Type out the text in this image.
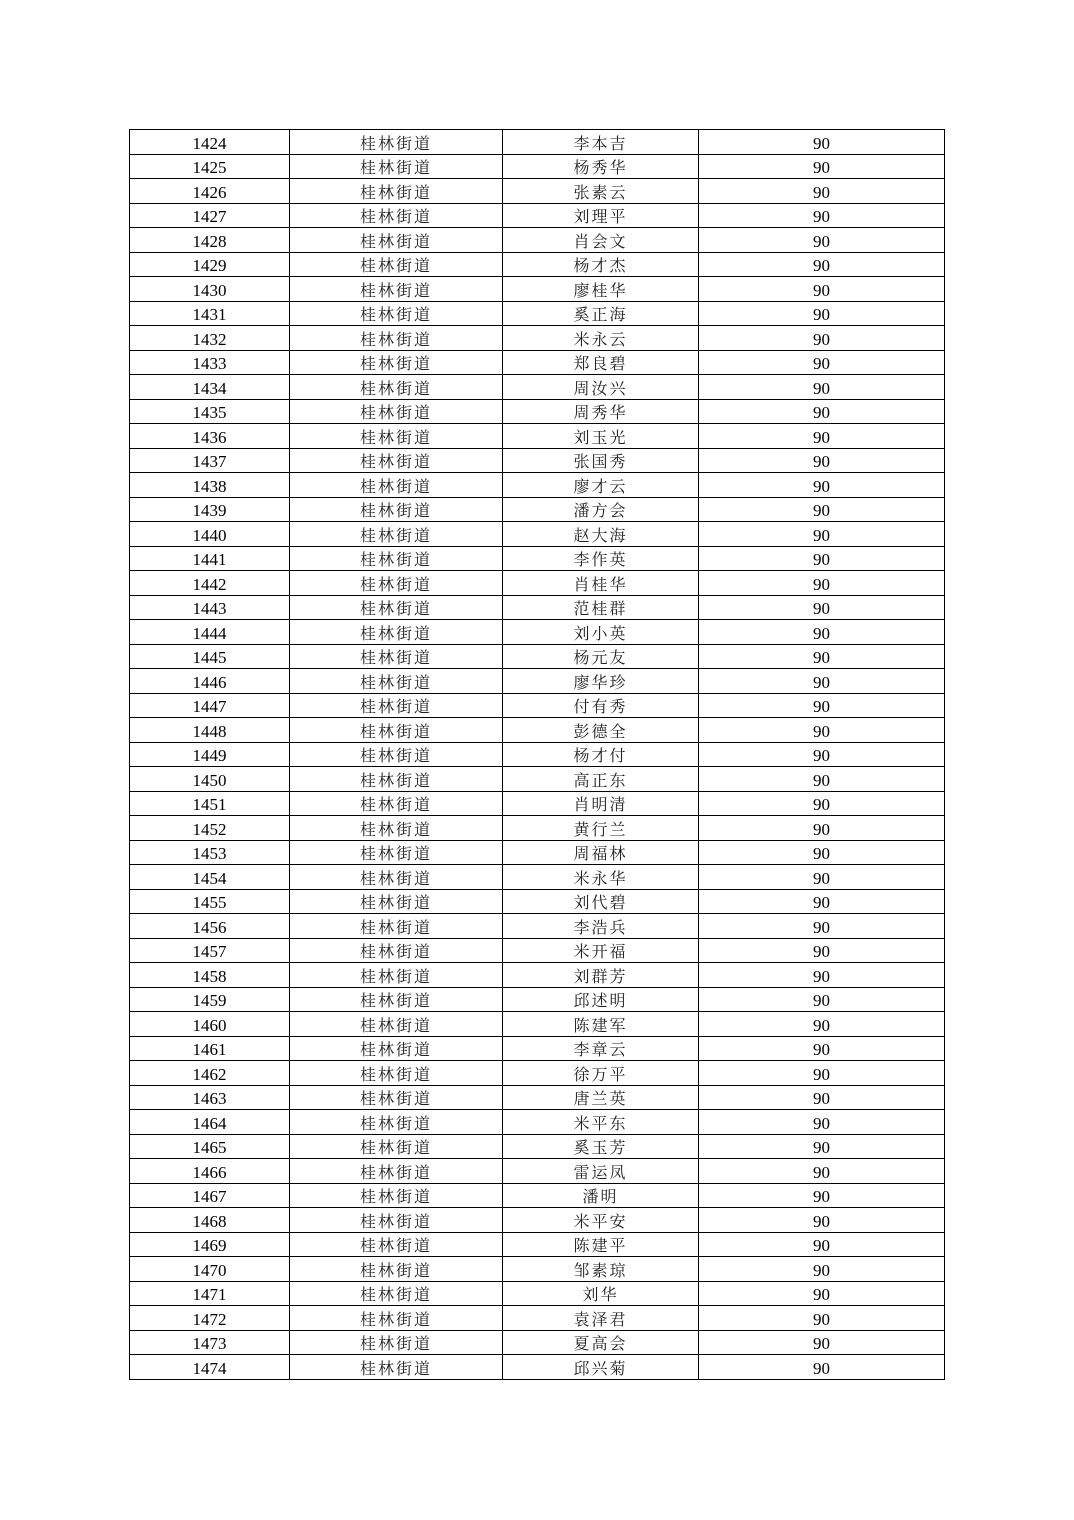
1424	桂林街道	李本吉	90
1425	桂林街道	杨秀华	90
1426	桂林街道	张素云	90
1427	桂林街道	刘理平	90
1428	桂林街道	肖会文	90
1429	桂林街道	杨才杰	90
1430	桂林街道	廖桂华	90
1431	桂林街道	奚正海	90
1432	桂林街道	米永云	90
1433	桂林街道	郑良碧	90
1434	桂林街道	周汝兴	90
1435	桂林街道	周秀华	90
1436	桂林街道	刘玉光	90
1437	桂林街道	张国秀	90
1438	桂林街道	廖才云	90
1439	桂林街道	潘方会	90
1440	桂林街道	赵大海	90
1441	桂林街道	李作英	90
1442	桂林街道	肖桂华	90
1443	桂林街道	范桂群	90
1444	桂林街道	刘小英	90
1445	桂林街道	杨元友	90
1446	桂林街道	廖华珍	90
1447	桂林街道	付有秀	90
1448	桂林街道	彭德全	90
1449	桂林街道	杨才付	90
1450	桂林街道	高正东	90
1451	桂林街道	肖明清	90
1452	桂林街道	黄行兰	90
1453	桂林街道	周福林	90
1454	桂林街道	米永华	90
1455	桂林街道	刘代碧	90
1456	桂林街道	李浩兵	90
1457	桂林街道	米开福	90
1458	桂林街道	刘群芳	90
1459	桂林街道	邱述明	90
1460	桂林街道	陈建军	90
1461	桂林街道	李章云	90
1462	桂林街道	徐万平	90
1463	桂林街道	唐兰英	90
1464	桂林街道	米平东	90
1465	桂林街道	奚玉芳	90
1466	桂林街道	雷运凤	90
1467	桂林街道	潘明	90
1468	桂林街道	米平安	90
1469	桂林街道	陈建平	90
1470	桂林街道	邹素琼	90
1471	桂林街道	刘华	90
1472	桂林街道	袁泽君	90
1473	桂林街道	夏高会	90
1474	桂林街道	邱兴菊	90
